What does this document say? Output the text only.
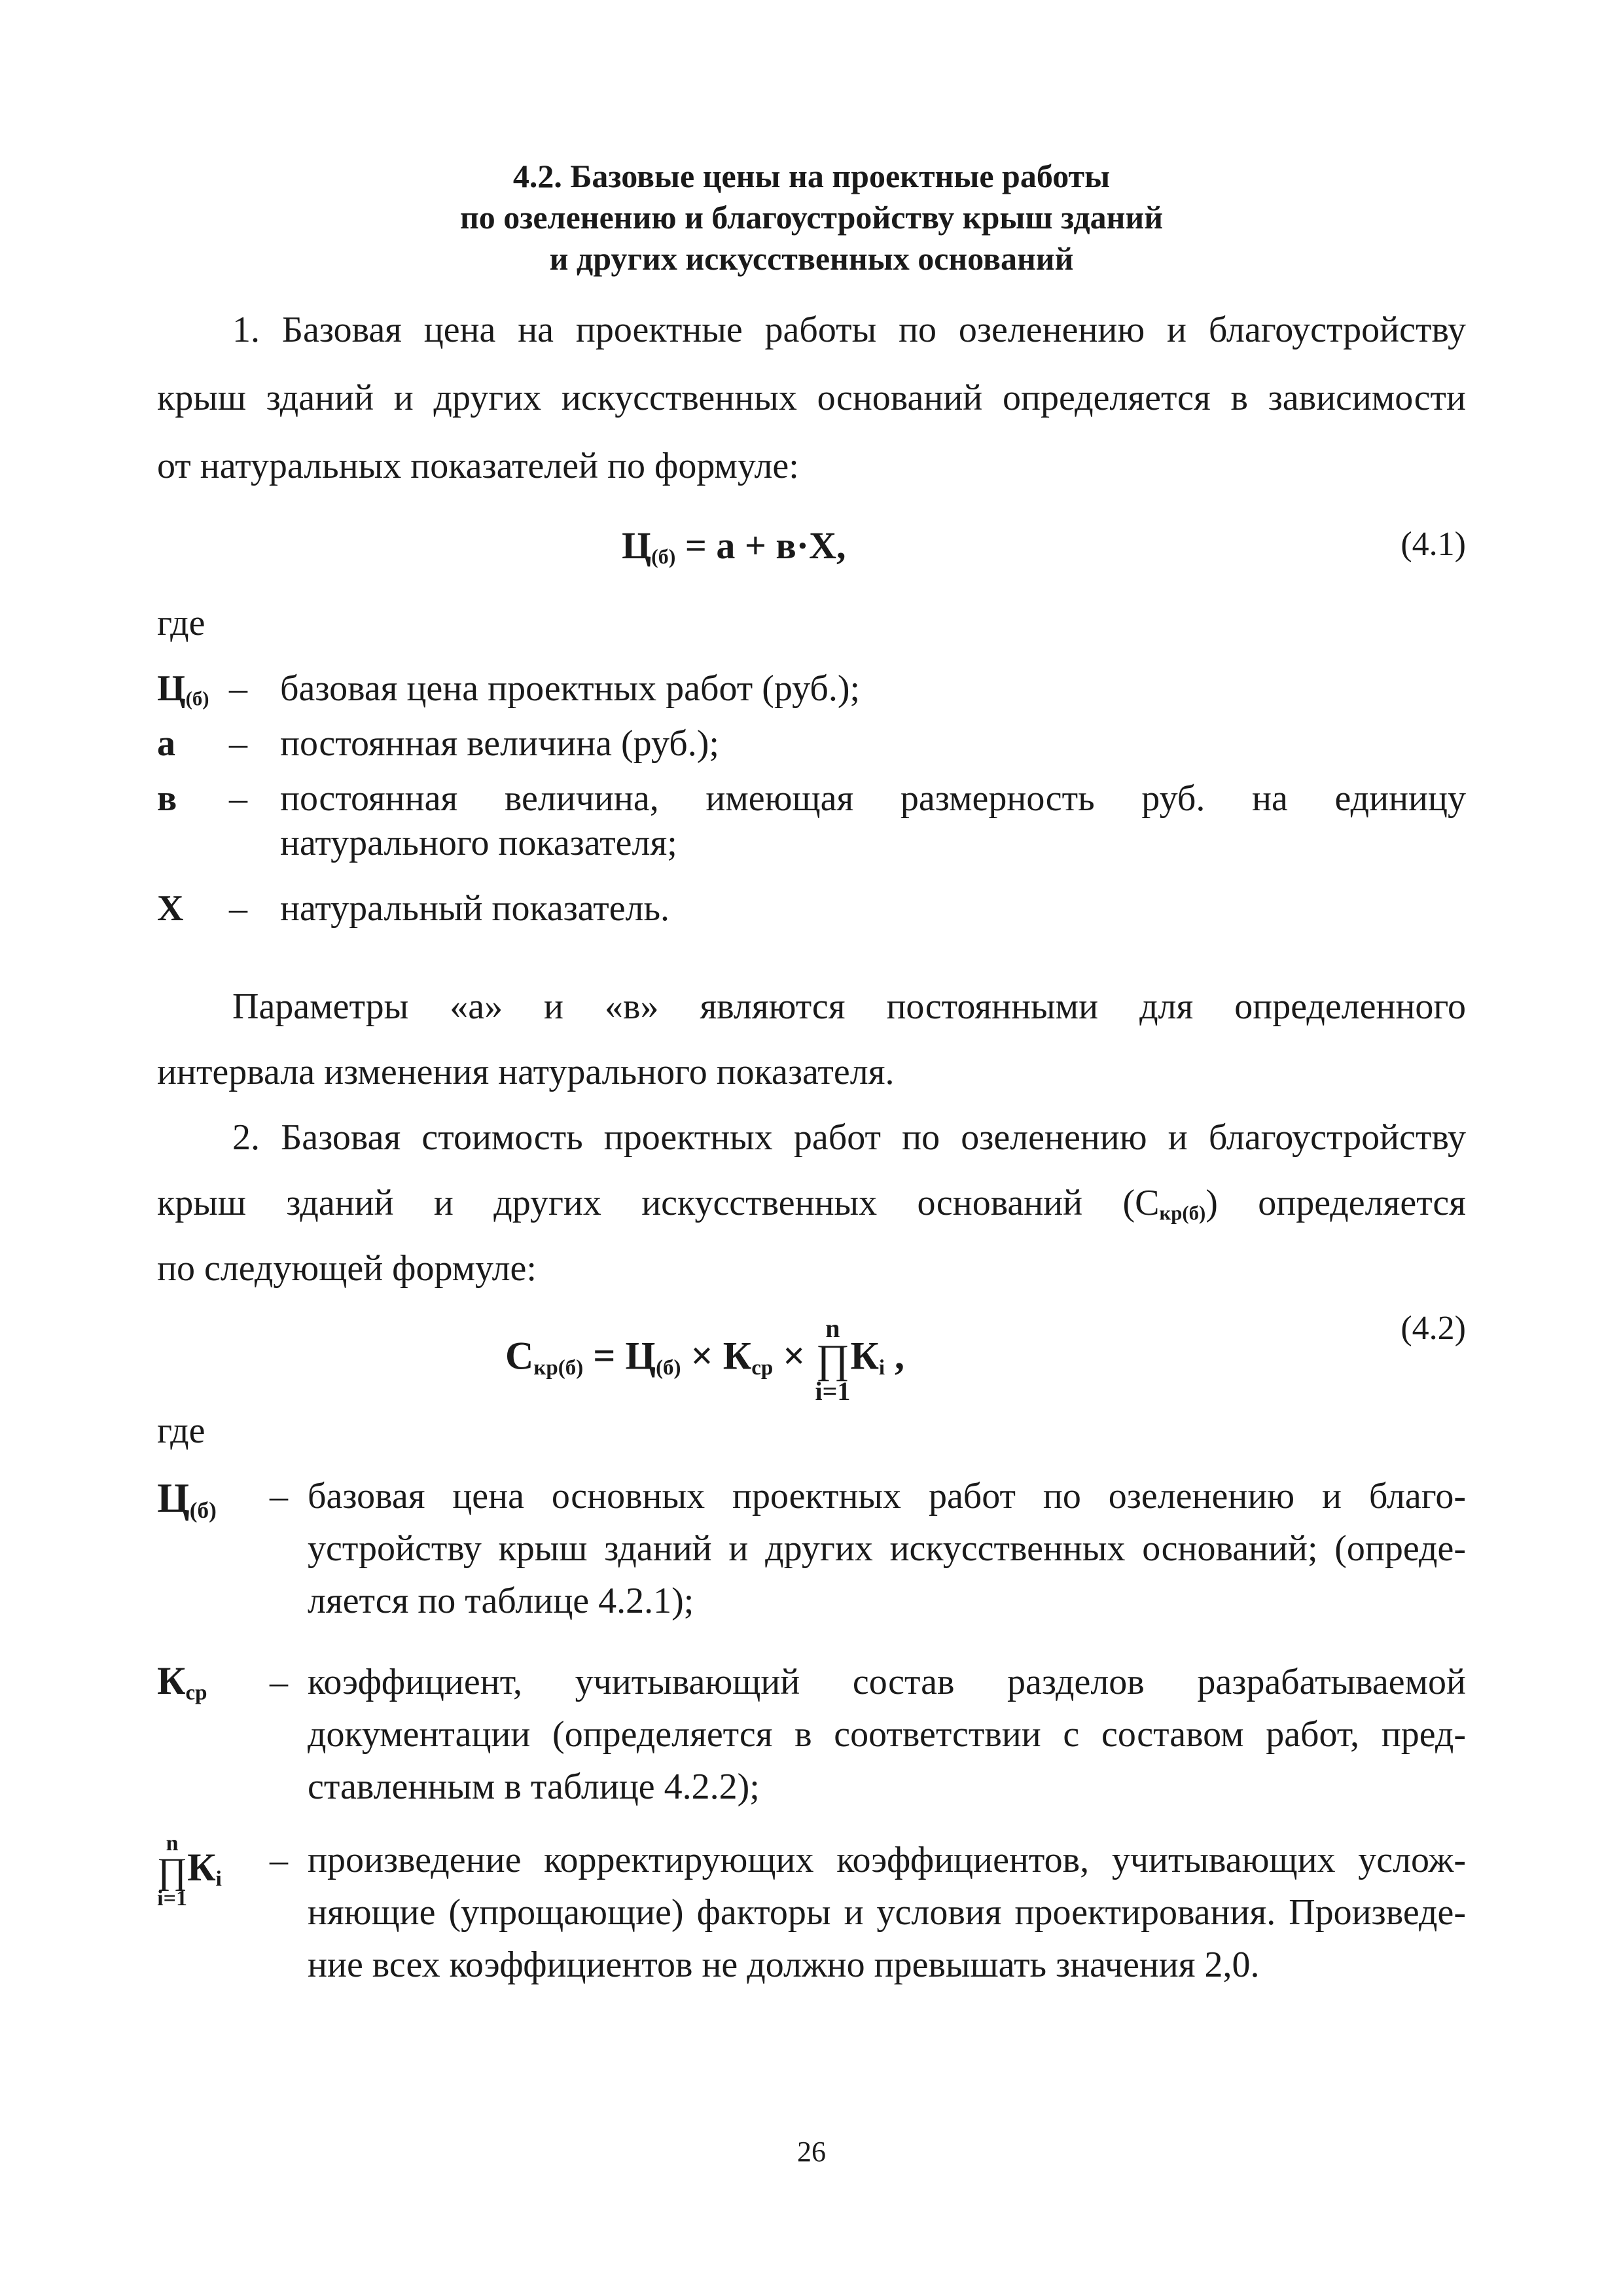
4.2. Базовые цены на проектные работы
по озеленению и благоустройству крыш зданий
и других искусственных оснований
1. Базовая цена на проектные работы по озеленению и благоустройству
крыш зданий и других искусственных оснований определяется в зависимости
от натуральных показателей по формуле:
$Ц_{(б)} = а + в\cdot Х$,	(4.1)
где
$Ц_{(б)}$ – базовая цена проектных работ (руб.);
а – постоянная величина (руб.);
в – постоянная величина, имеющая размерность руб. на единицу
натурального показателя;
Х – натуральный показатель.
Параметры «а» и «в» являются постоянными для определенного
интервала изменения натурального показателя.
2. Базовая стоимость проектных работ по озеленению и благоустройству
крыш зданий и других искусственных оснований $(С_{кр(б)})$ определяется
по следующей формуле:
$С_{кр(б)} = Ц_{(б)} \times К_{ср}$ ×
n
∏
i=1
$К_i$ ,
(4.2)
где
$Ц_{(б)}$ – базовая цена основных проектных работ по озеленению и благо-
устройству крыш зданий и других искусственных оснований; (опреде-
ляется по таблице 4.2.1);
$К_{ср}$ – коэффициент, учитывающий состав разделов разрабатываемой
документации (определяется в соответствии с составом работ, пред-
ставленным в таблице 4.2.2);
n
∏
i=1
$К_i$ – произведение корректирующих коэффициентов, учитывающих услож-
няющие (упрощающие) факторы и условия проектирования. Произведе-
ние всех коэффициентов не должно превышать значения 2,0.
26
